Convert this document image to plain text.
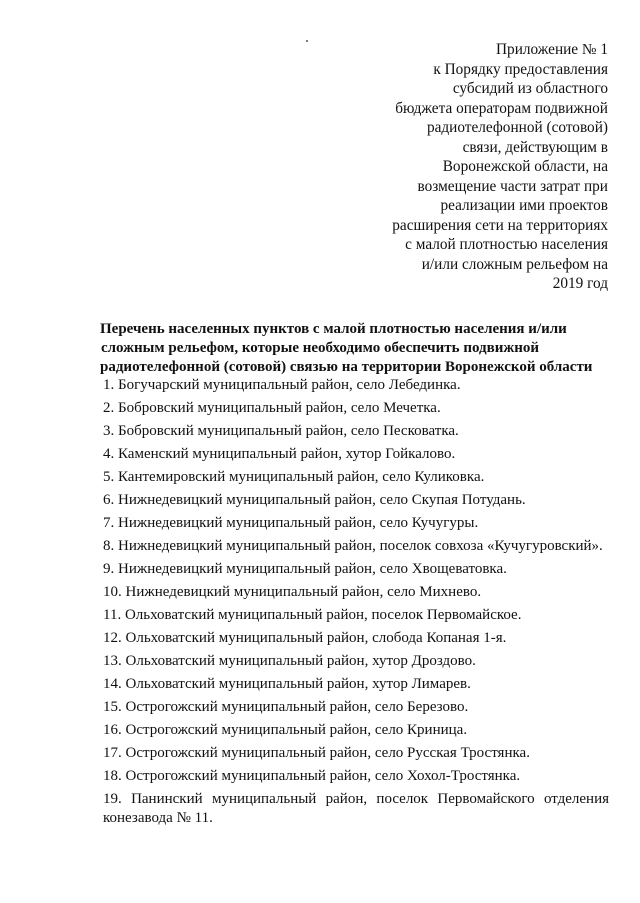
Приложение № 1
к Порядку предоставления
субсидий из областного
бюджета операторам подвижной
радиотелефонной (сотовой)
связи, действующим в
Воронежской области, на
возмещение части затрат при
реализации ими проектов
расширения сети на территориях
с малой плотностью населения
и/или сложным рельефом на
2019 год
Перечень населенных пунктов с малой плотностью населения и/или
сложным рельефом, которые необходимо обеспечить подвижной
радиотелефонной (сотовой) связью на территории Воронежской области
1. Богучарский муниципальный район, село Лебединка.
2. Бобровский муниципальный район, село Мечетка.
3. Бобровский муниципальный район, село Песковатка.
4. Каменский муниципальный район, хутор Гойкалово.
5. Кантемировский муниципальный район, село Куликовка.
6. Нижнедевицкий муниципальный район, село Скупая Потудань.
7. Нижнедевицкий муниципальный район, село Кучугуры.
8. Нижнедевицкий муниципальный район, поселок совхоза «Кучугуровский».
9. Нижнедевицкий муниципальный район, село Хвощеватовка.
10. Нижнедевицкий муниципальный район, село Михнево.
11. Ольховатский муниципальный район, поселок Первомайское.
12. Ольховатский муниципальный район, слобода Копаная 1-я.
13. Ольховатский муниципальный район, хутор Дроздово.
14. Ольховатский муниципальный район, хутор Лимарев.
15. Острогожский муниципальный район, село Березово.
16. Острогожский муниципальный район, село Криница.
17. Острогожский муниципальный район, село Русская Тростянка.
18. Острогожский муниципальный район, село Хохол-Тростянка.
19. Панинский муниципальный район, поселок Первомайского отделения конезавода № 11.
